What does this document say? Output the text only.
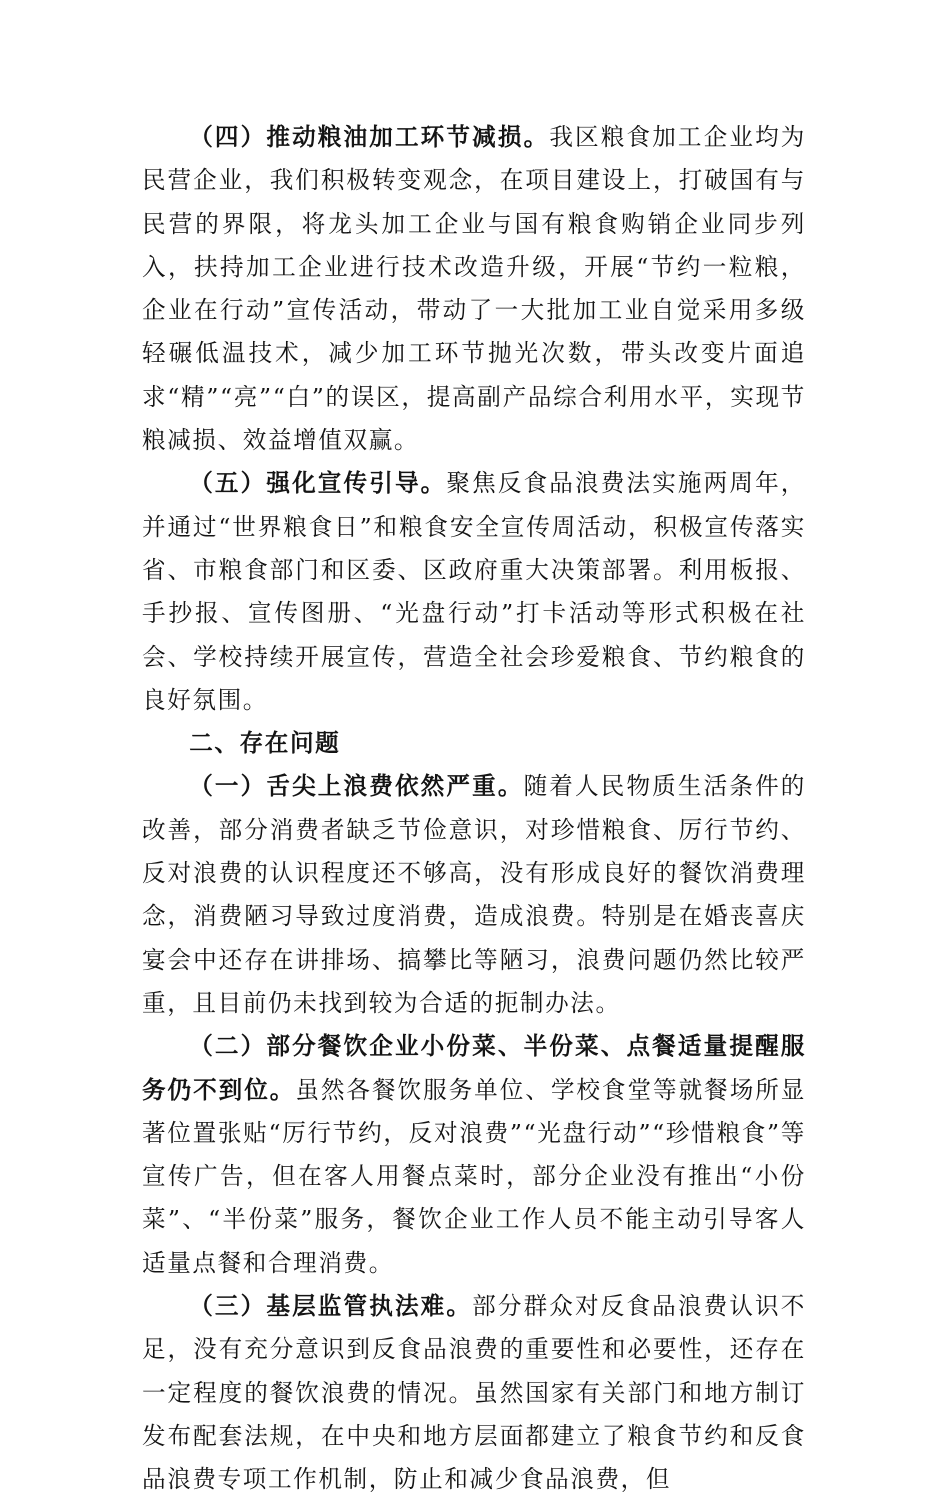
（四）推动粮油加工环节减损。我区粮食加工企业均为民营企业，我们积极转变观念，在项目建设上，打破国有与民营的界限，将龙头加工企业与国有粮食购销企业同步列入，扶持加工企业进行技术改造升级，开展“节约一粒粮，企业在行动”宣传活动，带动了一大批加工业自觉采用多级轻碾低温技术，减少加工环节抛光次数，带头改变片面追求“精”“亮”“白”的误区，提高副产品综合利用水平，实现节粮减损、效益增值双赢。

（五）强化宣传引导。聚焦反食品浪费法实施两周年，并通过“世界粮食日”和粮食安全宣传周活动，积极宣传落实省、市粮食部门和区委、区政府重大决策部署。利用板报、手抄报、宣传图册、“光盘行动”打卡活动等形式积极在社会、学校持续开展宣传，营造全社会珍爱粮食、节约粮食的良好氛围。

二、存在问题

（一）舌尖上浪费依然严重。随着人民物质生活条件的改善，部分消费者缺乏节俭意识，对珍惜粮食、厉行节约、反对浪费的认识程度还不够高，没有形成良好的餐饮消费理念，消费陋习导致过度消费，造成浪费。特别是在婚丧喜庆宴会中还存在讲排场、搞攀比等陋习，浪费问题仍然比较严重，且目前仍未找到较为合适的扼制办法。

（二）部分餐饮企业小份菜、半份菜、点餐适量提醒服务仍不到位。虽然各餐饮服务单位、学校食堂等就餐场所显著位置张贴“厉行节约，反对浪费”“光盘行动”“珍惜粮食”等宣传广告，但在客人用餐点菜时，部分企业没有推出“小份菜”、“半份菜”服务，餐饮企业工作人员不能主动引导客人适量点餐和合理消费。

（三）基层监管执法难。部分群众对反食品浪费认识不足，没有充分意识到反食品浪费的重要性和必要性，还存在一定程度的餐饮浪费的情况。虽然国家有关部门和地方制订发布配套法规，在中央和地方层面都建立了粮食节约和反食品浪费专项工作机制，防止和减少食品浪费，但
